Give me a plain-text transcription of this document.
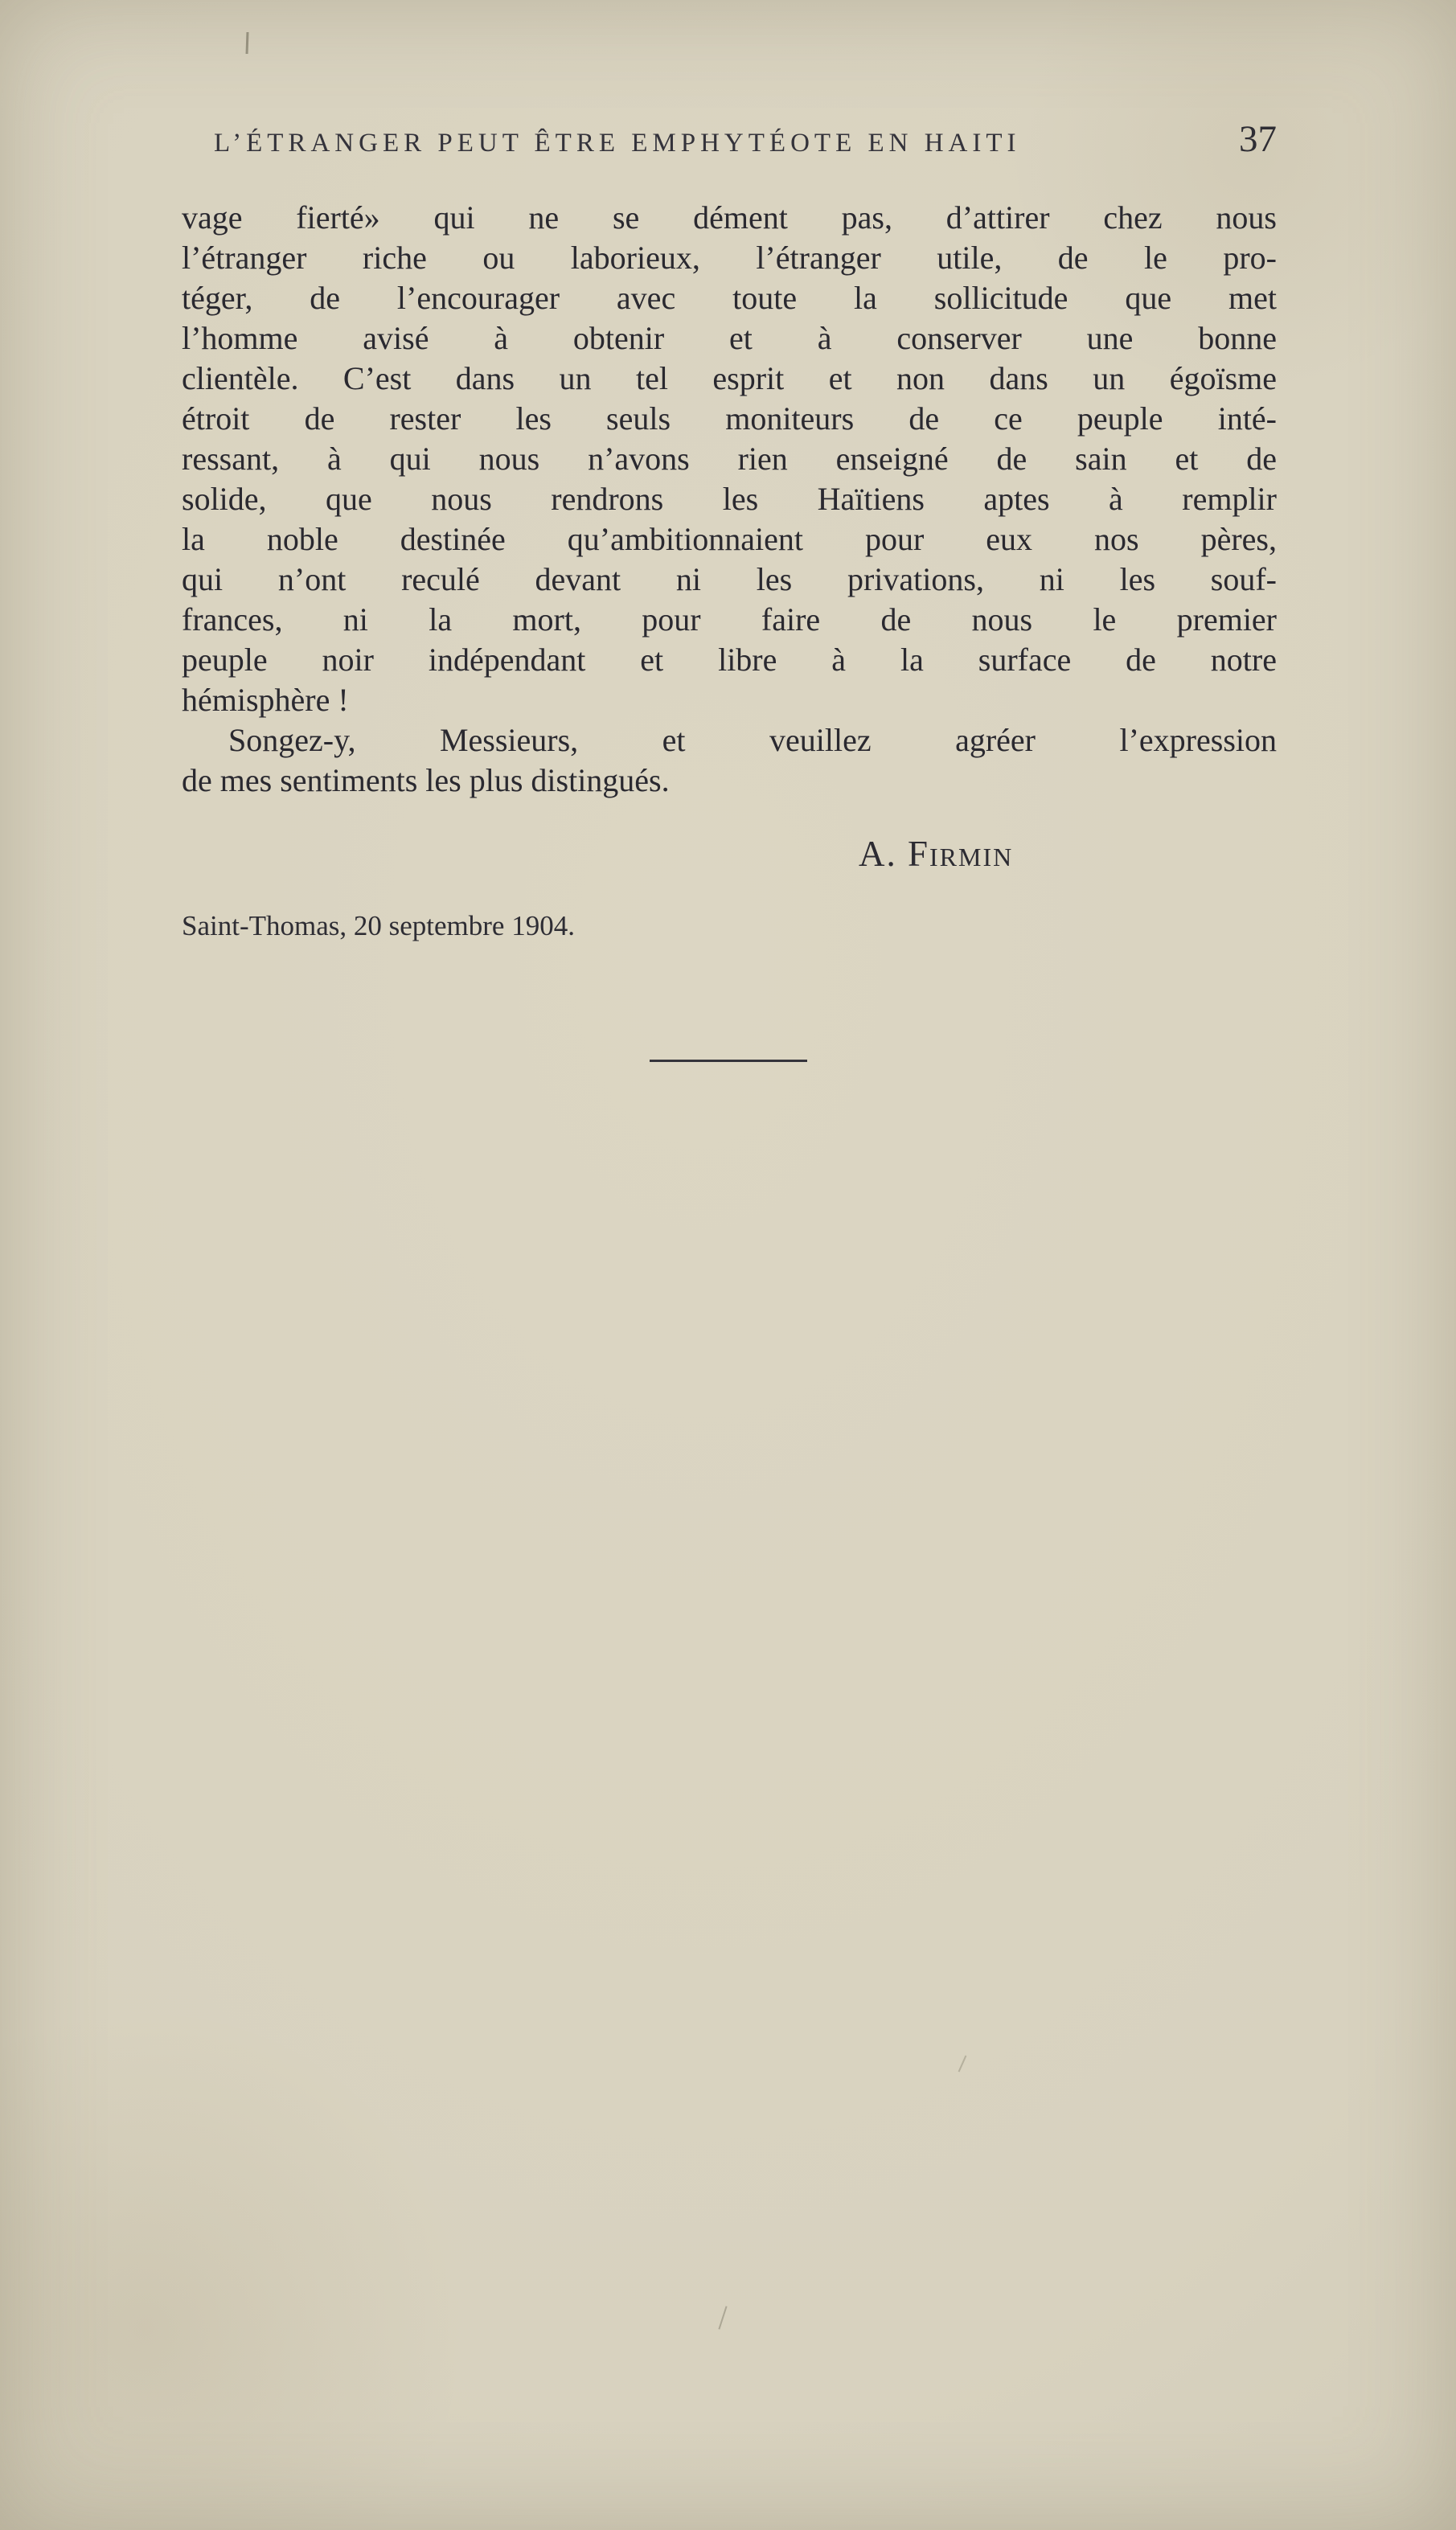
L’ÉTRANGER PEUT ÊTRE EMPHYTÉOTE EN HAITI	37
vage fierté» qui ne se dément pas, d’attirer chez nous
l’étranger riche ou laborieux, l’étranger utile, de le pro-
téger, de l’encourager avec toute la sollicitude que met
l’homme avisé à obtenir et à conserver une bonne
clientèle. C’est dans un tel esprit et non dans un égoïsme
étroit de rester les seuls moniteurs de ce peuple inté-
ressant, à qui nous n’avons rien enseigné de sain et de
solide, que nous rendrons les Haïtiens aptes à remplir
la noble destinée qu’ambitionnaient pour eux nos pères,
qui n’ont reculé devant ni les privations, ni les souf-
frances, ni la mort, pour faire de nous le premier
peuple noir indépendant et libre à la surface de notre
hémisphère !
Songez-y, Messieurs, et veuillez agréer l’expression
de mes sentiments les plus distingués.
A. Firmin
Saint-Thomas, 20 septembre 1904.
